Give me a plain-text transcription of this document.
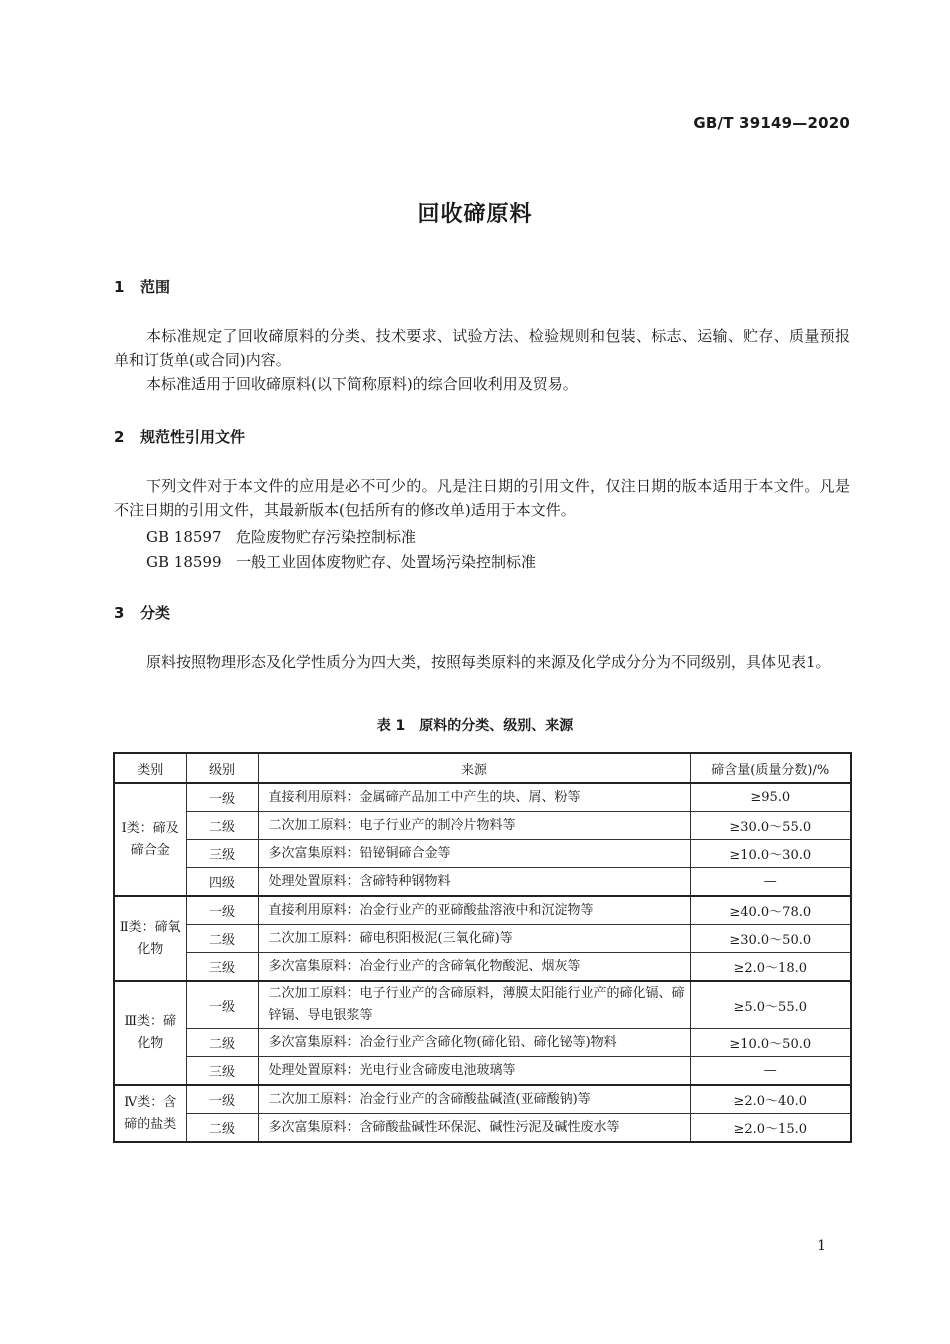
GB/T 39149—2020
回收碲原料
1 范围
本标准规定了回收碲原料的分类、技术要求、试验方法、检验规则和包装、标志、运输、贮存、质量预报单和订货单(或合同)内容。
本标准适用于回收碲原料(以下简称原料)的综合回收利用及贸易。
2 规范性引用文件
下列文件对于本文件的应用是必不可少的。凡是注日期的引用文件，仅注日期的版本适用于本文件。凡是不注日期的引用文件，其最新版本(包括所有的修改单)适用于本文件。
GB 18597 危险废物贮存污染控制标准
GB 18599 一般工业固体废物贮存、处置场污染控制标准
3 分类
原料按照物理形态及化学性质分为四大类，按照每类原料的来源及化学成分分为不同级别，具体见表1。
表 1　原料的分类、级别、来源
类别	级别	来源	碲含量(质量分数)/%
Ⅰ类：碲及碲合金	一级	直接利用原料：金属碲产品加工中产生的块、屑、粉等	≥95.0
	二级	二次加工原料：电子行业产的制冷片物料等	≥30.0～55.0
	三级	多次富集原料：铅铋铜碲合金等	≥10.0～30.0
	四级	处理处置原料：含碲特种钢物料	—
Ⅱ类：碲氧化物	一级	直接利用原料：冶金行业产的亚碲酸盐溶液中和沉淀物等	≥40.0～78.0
	二级	二次加工原料：碲电积阳极泥(三氧化碲)等	≥30.0～50.0
	三级	多次富集原料：冶金行业产的含碲氧化物酸泥、烟灰等	≥2.0～18.0
Ⅲ类：碲化物	一级	二次加工原料：电子行业产的含碲原料，薄膜太阳能行业产的碲化镉、碲锌镉、导电银浆等	≥5.0～55.0
	二级	多次富集原料：冶金行业产含碲化物(碲化铅、碲化铋等)物料	≥10.0～50.0
	三级	处理处置原料：光电行业含碲废电池玻璃等	—
Ⅳ类：含碲的盐类	一级	二次加工原料：冶金行业产的含碲酸盐碱渣(亚碲酸钠)等	≥2.0～40.0
	二级	多次富集原料：含碲酸盐碱性环保泥、碱性污泥及碱性废水等	≥2.0～15.0
1
